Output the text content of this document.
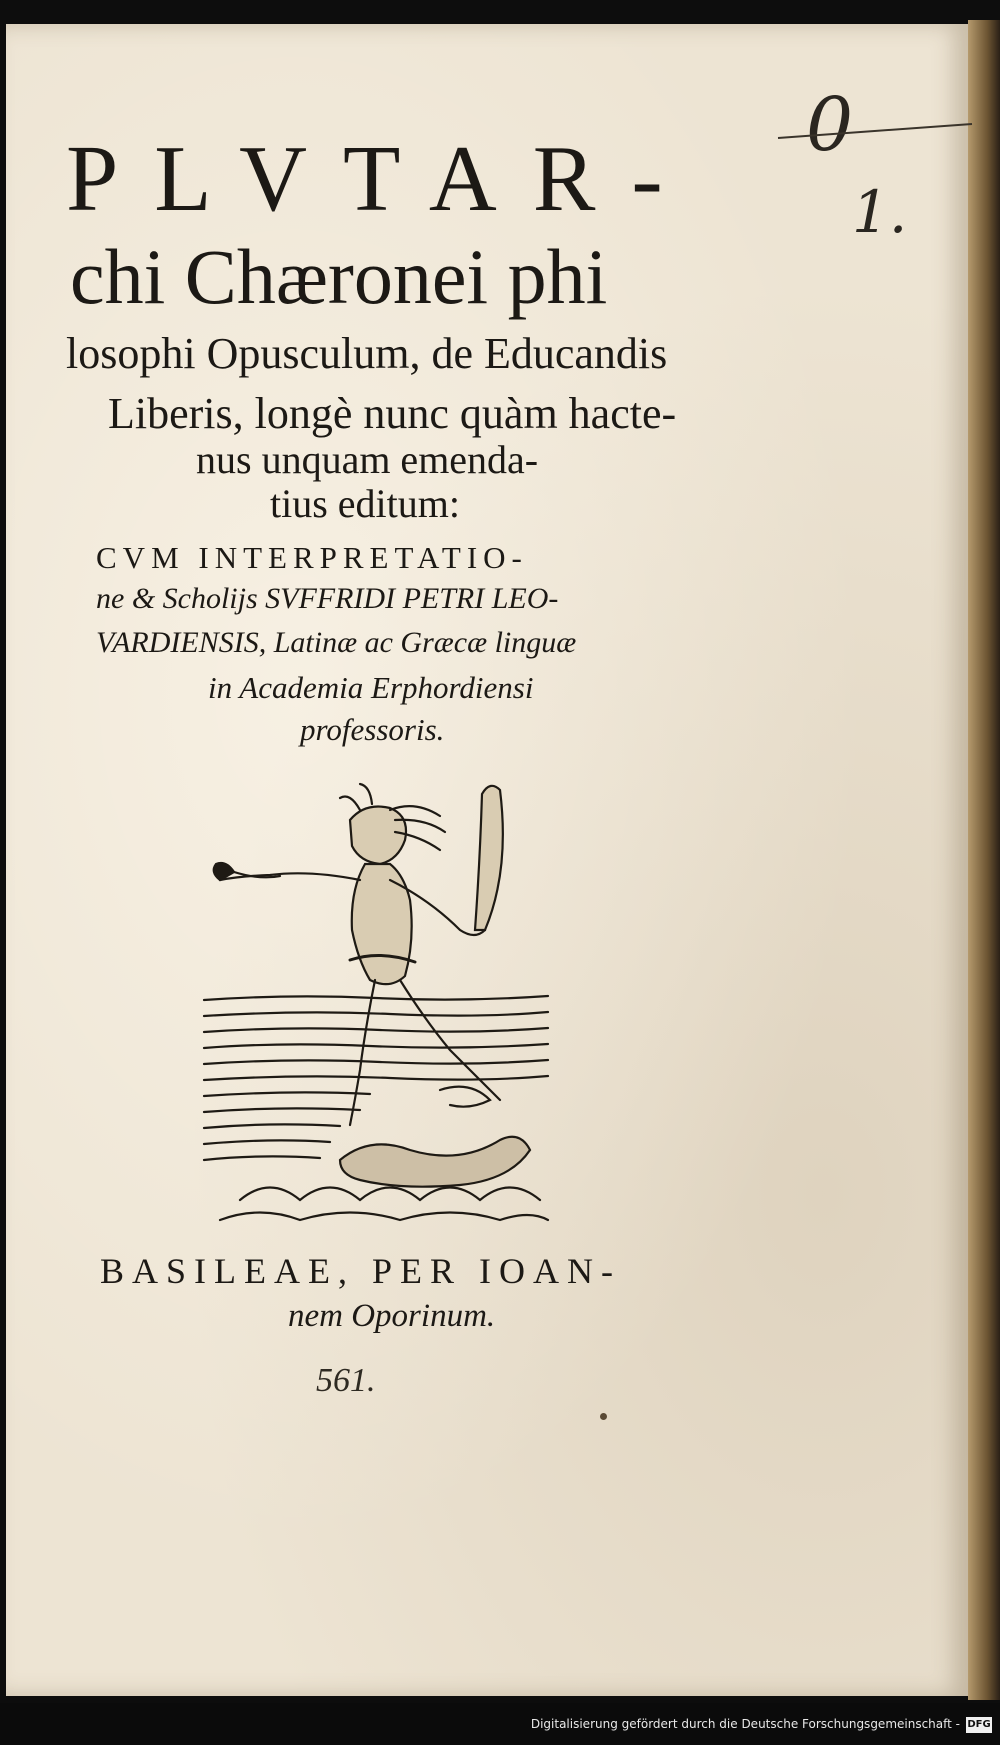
0
1.
PLVTAR-
chi Chæronei phi
losophi Opusculum, de Educandis
Liberis, longè nunc quàm hacte-
nus unquam emenda-
tius editum:
CVM INTERPRETATIO-
ne & Scholijs SVFFRIDI PETRI LEO-
VARDIENSIS, Latinæ ac Græcæ linguæ
in Academia Erphordiensi
professoris.
BASILEAE, PER IOAN-
nem Oporinum.
561.
Digitalisierung gefördert durch die Deutsche Forschungsgemeinschaft - DFG
